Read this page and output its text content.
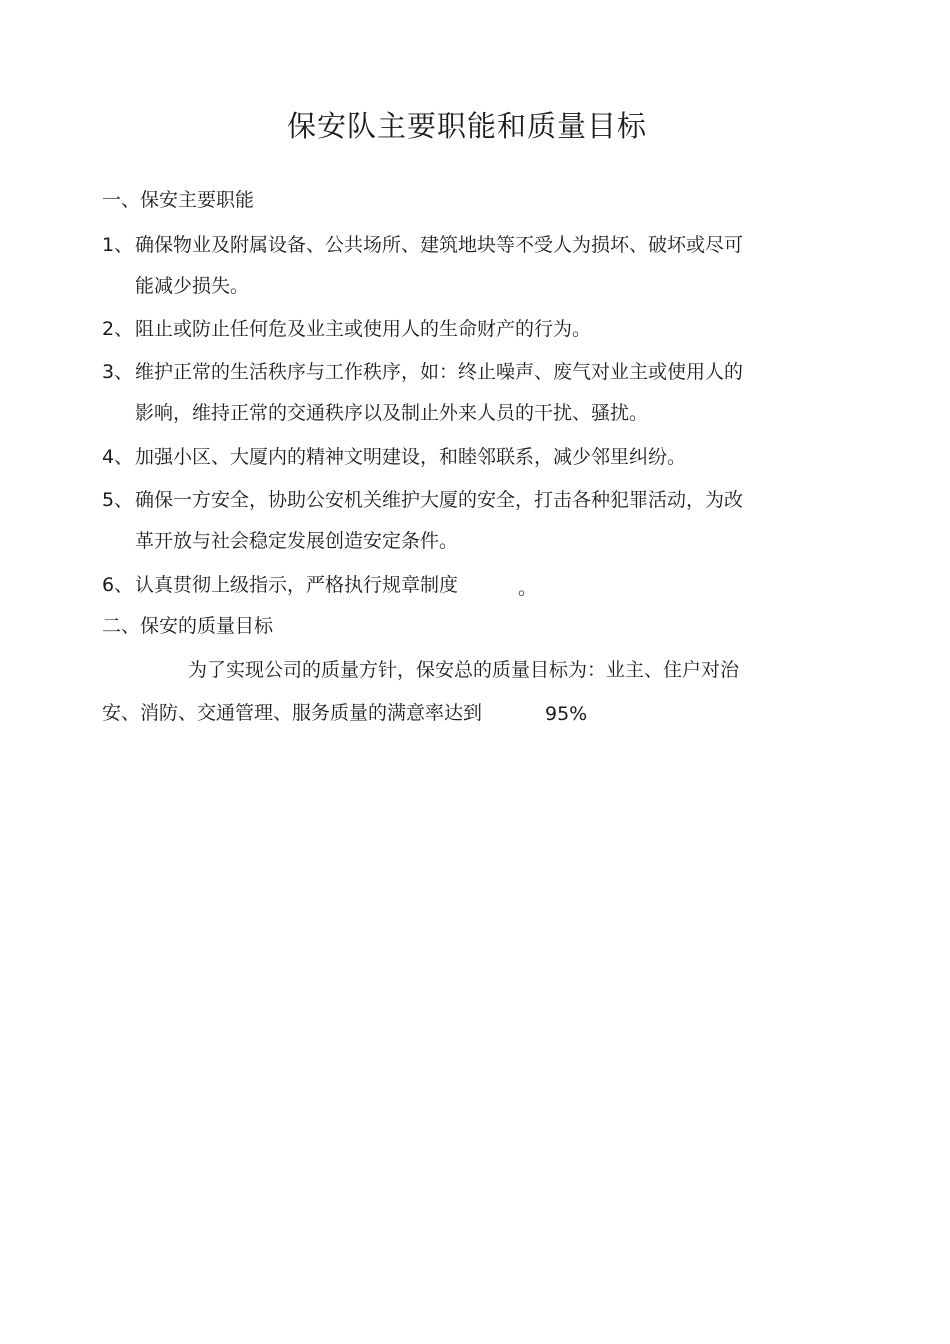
保安队主要职能和质量目标
一、保安主要职能
1、 确保物业及附属设备、公共场所、建筑地块等不受人为损坏、破坏或尽可
能减少损失。
2、 阻止或防止任何危及业主或使用人的生命财产的行为。
3、 维护正常的生活秩序与工作秩序，如：终止噪声、废气对业主或使用人的
影响，维持正常的交通秩序以及制止外来人员的干扰、骚扰。
4、 加强小区、大厦内的精神文明建设，和睦邻联系，减少邻里纠纷。
5、 确保一方安全，协助公安机关维护大厦的安全，打击各种犯罪活动，为改
革开放与社会稳定发展创造安定条件。
6、 认真贯彻上级指示，严格执行规章制度	。
二、保安的质量目标
为了实现公司的质量方针，保安总的质量目标为：业主、住户对治
安、消防、交通管理、服务质量的满意率达到	95%
